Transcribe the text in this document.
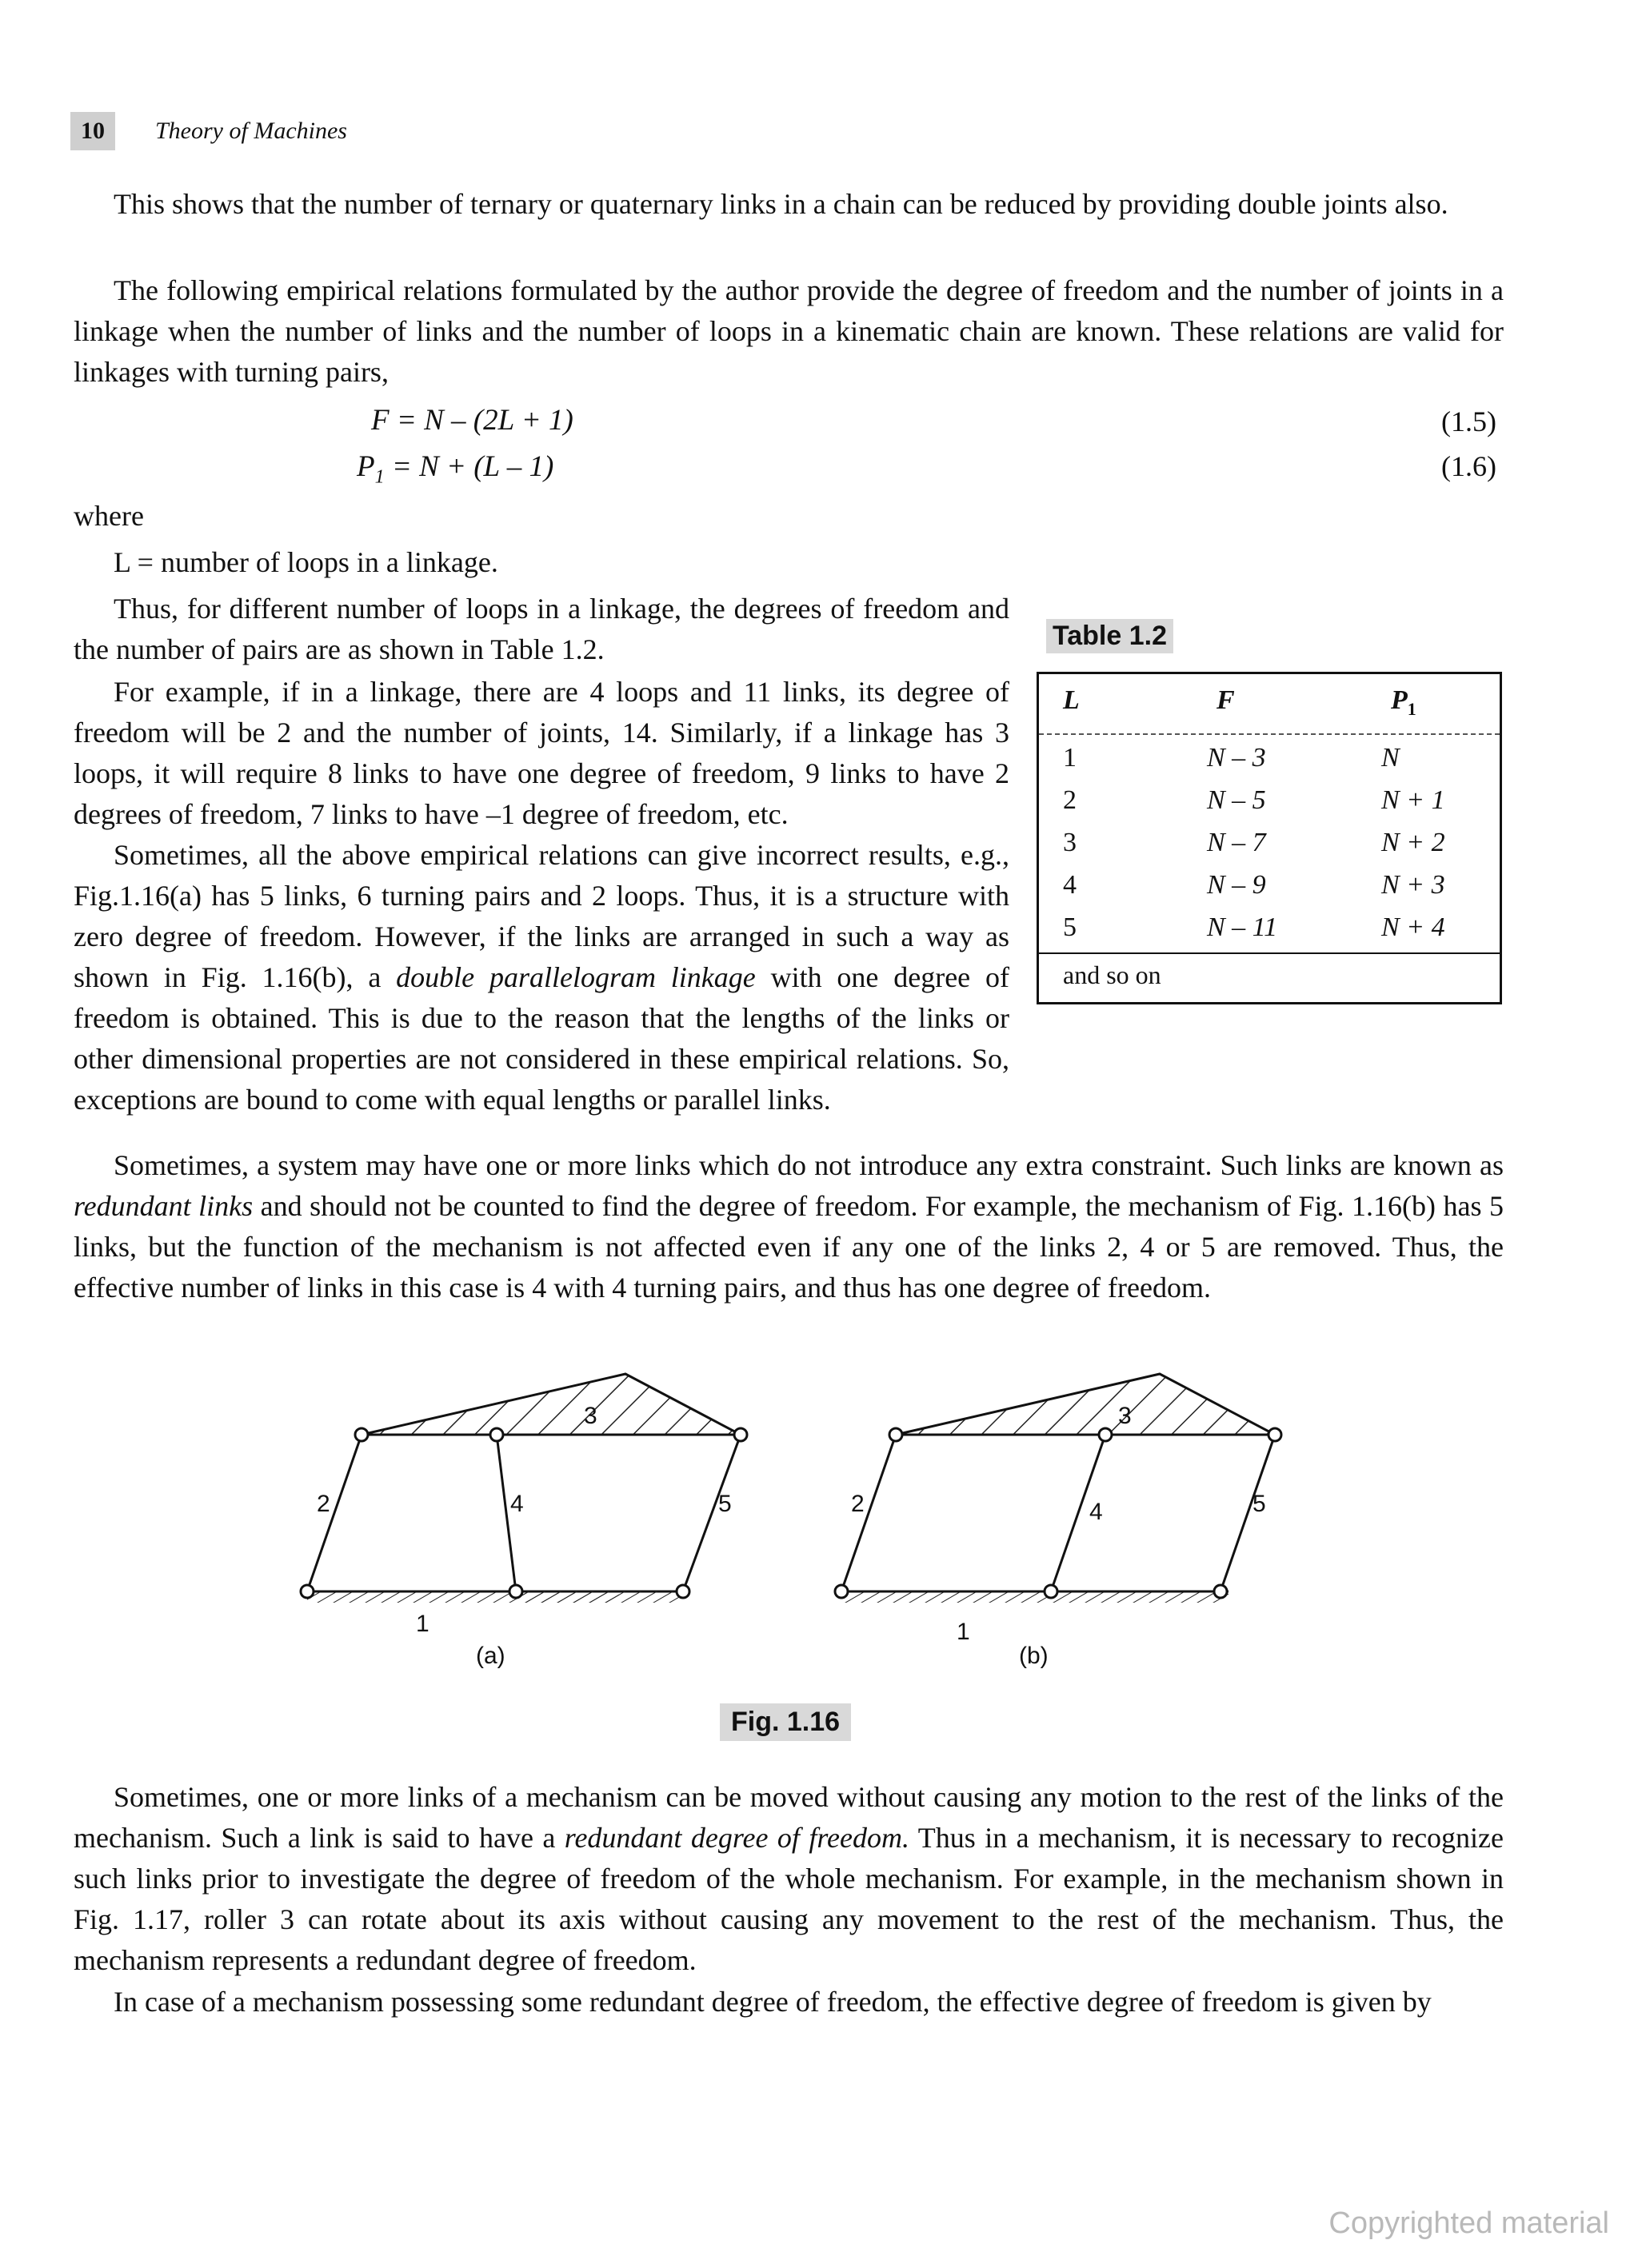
10	Theory of Machines

This shows that the number of ternary or quaternary links in a chain can be reduced by providing double joints also.

The following empirical relations formulated by the author provide the degree of freedom and the number of joints in a linkage when the number of links and the number of loops in a kinematic chain are known. These relations are valid for linkages with turning pairs,

F = N – (2L + 1)	(1.5)
$P_1 = N + (L - 1)$	(1.6)

where

L = number of loops in a linkage.

Thus, for different number of loops in a linkage, the degrees of freedom and the number of pairs are as shown in Table 1.2.

For example, if in a linkage, there are 4 loops and 11 links, its degree of freedom will be 2 and the number of joints, 14. Similarly, if a linkage has 3 loops, it will require 8 links to have one degree of freedom, 9 links to have 2 degrees of freedom, 7 links to have –1 degree of freedom, etc.

Sometimes, all the above empirical relations can give incorrect results, e.g., Fig.1.16(a) has 5 links, 6 turning pairs and 2 loops. Thus, it is a structure with zero degree of freedom. However, if the links are arranged in such a way as shown in Fig. 1.16(b), a double parallelogram linkage with one degree of freedom is obtained. This is due to the reason that the lengths of the links or other dimensional properties are not considered in these empirical relations. So, exceptions are bound to come with equal lengths or parallel links.
Sometimes, a system may have one or more links which do not introduce any extra constraint. Such links are known as redundant links and should not be counted to find the degree of freedom. For example, the mechanism of Fig. 1.16(b) has 5 links, but the function of the mechanism is not affected even if any one of the links 2, 4 or 5 are removed. Thus, the effective number of links in this case is 4 with 4 turning pairs, and thus has one degree of freedom.
Table 1.2
L	F	$P_1$
1	N – 3	N
2	N – 5	N + 1
3	N – 7	N + 2
4	N – 9	N + 3
5	N – 11	N + 4
and so on
2	4	5
3
1
(a)
2	4	5
3
1
(b)
Fig. 1.16
Sometimes, one or more links of a mechanism can be moved without causing any motion to the rest of the links of the mechanism. Such a link is said to have a redundant degree of freedom. Thus in a mechanism, it is necessary to recognize such links prior to investigate the degree of freedom of the whole mechanism. For example, in the mechanism shown in Fig. 1.17, roller 3 can rotate about its axis without causing any movement to the rest of the mechanism. Thus, the mechanism represents a redundant degree of freedom.

In case of a mechanism possessing some redundant degree of freedom, the effective degree of freedom is given by

Copyrighted material
